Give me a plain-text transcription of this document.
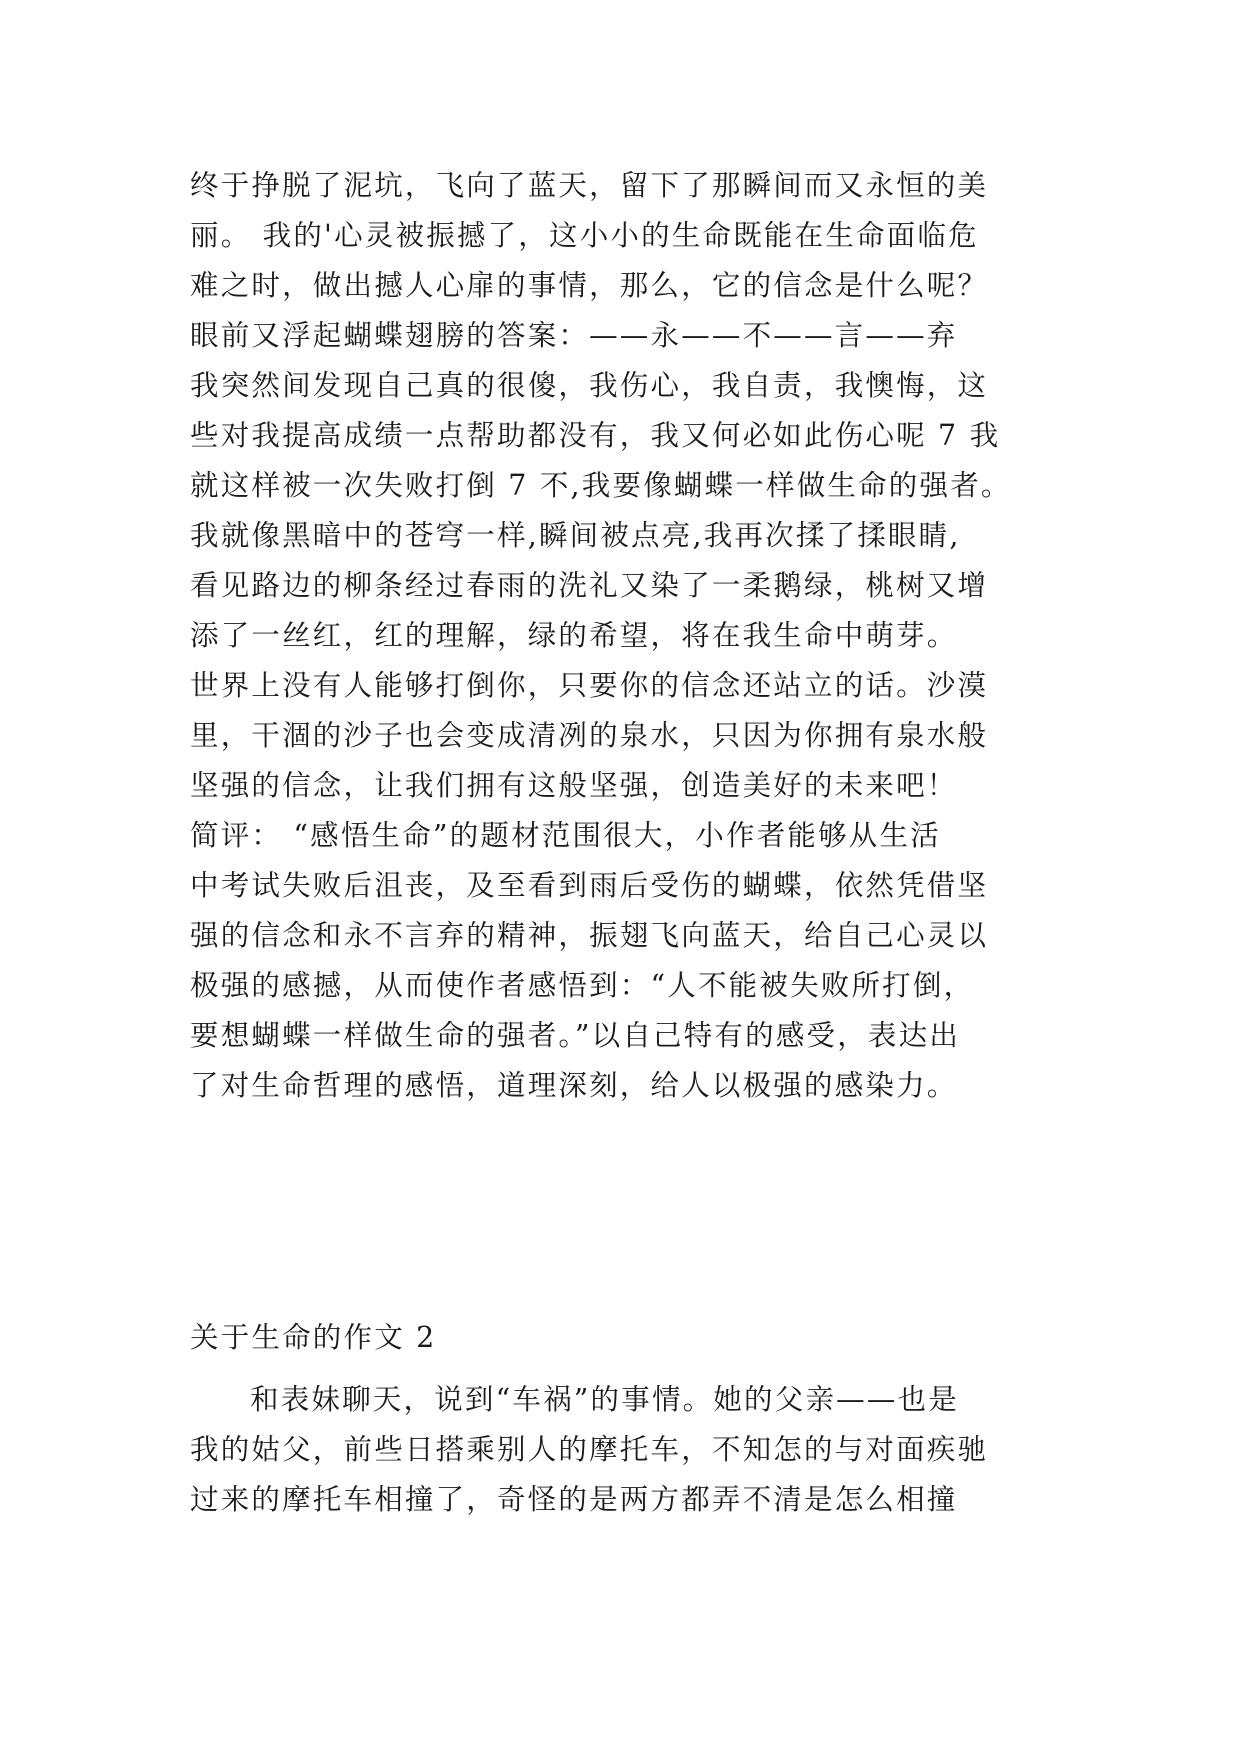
终于挣脱了泥坑，飞向了蓝天，留下了那瞬间而又永恒的美
丽。 我的'心灵被振撼了，这小小的生命既能在生命面临危
难之时，做出撼人心扉的事情，那么，它的信念是什么呢？
眼前又浮起蝴蝶翅膀的答案：——永——不——言——弃
我突然间发现自己真的很傻，我伤心，我自责，我懊悔，这
些对我提高成绩一点帮助都没有，我又何必如此伤心呢 7 我
就这样被一次失败打倒 7 不,我要像蝴蝶一样做生命的强者。
我就像黑暗中的苍穹一样,瞬间被点亮,我再次揉了揉眼睛,
看见路边的柳条经过春雨的洗礼又染了一柔鹅绿，桃树又增
添了一丝红，红的理解，绿的希望，将在我生命中萌芽。
世界上没有人能够打倒你，只要你的信念还站立的话。沙漠
里，干涸的沙子也会变成清冽的泉水，只因为你拥有泉水般
坚强的信念，让我们拥有这般坚强，创造美好的未来吧！
简评： “感悟生命”的题材范围很大，小作者能够从生活
中考试失败后沮丧，及至看到雨后受伤的蝴蝶，依然凭借坚
强的信念和永不言弃的精神，振翅飞向蓝天，给自己心灵以
极强的感撼，从而使作者感悟到：“人不能被失败所打倒，
要想蝴蝶一样做生命的强者。”以自己特有的感受，表达出
了对生命哲理的感悟，道理深刻，给人以极强的感染力。
关于生命的作文 2
和表妹聊天，说到“车祸”的事情。她的父亲——也是
我的姑父，前些日搭乘别人的摩托车，不知怎的与对面疾驰
过来的摩托车相撞了，奇怪的是两方都弄不清是怎么相撞
